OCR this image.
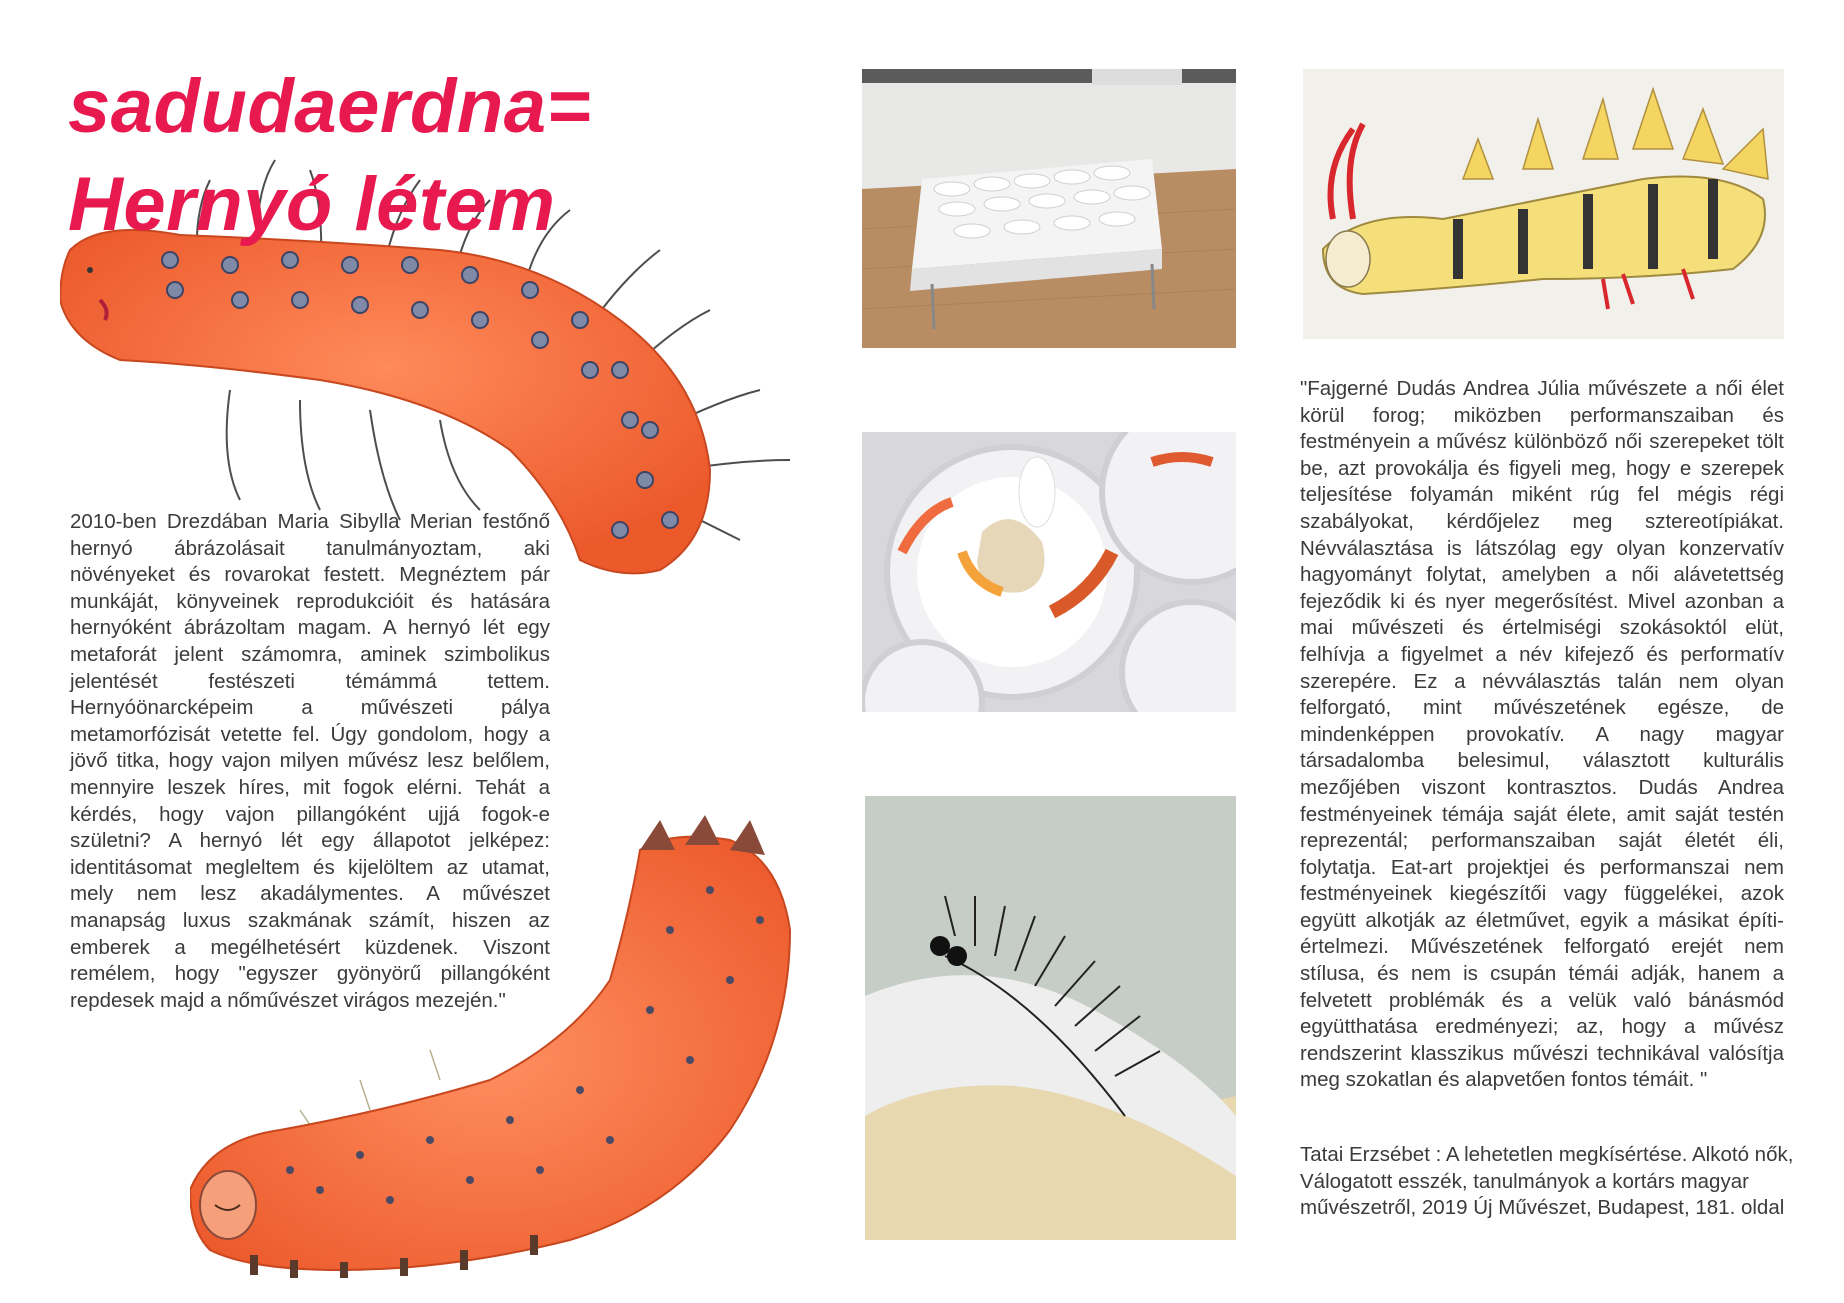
sadudaerdna=
Hernyó létem
2010-ben Drezdában Maria Sibylla Merian festőnő hernyó ábrázolásait tanulmányoztam, aki növényeket és rovarokat festett. Megnéztem pár munkáját, könyveinek reprodukcióit és hatására hernyóként ábrázoltam magam. A hernyó lét egy metaforát jelent számomra, aminek szimbolikus jelentését festészeti témámmá tettem. Hernyóönarcképeim a művészeti pálya metamorfózisát vetette fel. Úgy gondolom, hogy a jövő titka, hogy vajon milyen művész lesz belőlem, mennyire leszek híres, mit fogok elérni. Tehát a kérdés, hogy vajon pillangóként ujjá fogok-e születni? A hernyó lét egy állapotot jelképez: identitásomat megleltem és kijelöltem az utamat, mely nem lesz akadálymentes. A művészet manapság luxus szakmának számít, hiszen az emberek a megélhetésért küzdenek. Viszont remélem, hogy "egyszer gyönyörű pillangóként repdesek majd a nőművészet virágos mezején."
"Fajgerné Dudás Andrea Júlia művészete a női élet körül forog; miközben performanszaiban és festményein a művész különböző női szerepeket tölt be, azt provokálja és figyeli meg, hogy e szerepek teljesítése folyamán miként rúg fel mégis régi szabályokat, kérdőjelez meg sztereotípiákat. Névválasztása is látszólag egy olyan konzervatív hagyományt folytat, amelyben a női alávetettség fejeződik ki és nyer megerősítést. Mivel azonban a mai művészeti és értelmiségi szokásoktól elüt, felhívja a figyelmet a név kifejező és performatív szerepére. Ez a névválasztás talán nem olyan felforgató, mint művészetének egésze, de mindenképpen provokatív. A nagy magyar társadalomba belesimul, választott kulturális mezőjében viszont kontrasztos. Dudás Andrea festményeinek témája saját élete, amit saját testén reprezentál; performanszaiban saját életét éli, folytatja. Eat-art projektjei és performanszai nem festményeinek kiegészítői vagy függelékei, azok együtt alkotják az életművet, egyik a másikat építi-értelmezi. Művészetének felforgató erejét nem stílusa, és nem is csupán témái adják, hanem a felvetett problémák és a velük való bánásmód együtthatása eredményezi; az, hogy a művész rendszerint klasszikus művészi technikával valósítja meg szokatlan és alapvetően fontos témáit. "
Tatai Erzsébet : A lehetetlen megkísértése. Alkotó nők, Válogatott esszék, tanulmányok a kortárs magyar művészetről, 2019 Új Művészet, Budapest, 181. oldal
